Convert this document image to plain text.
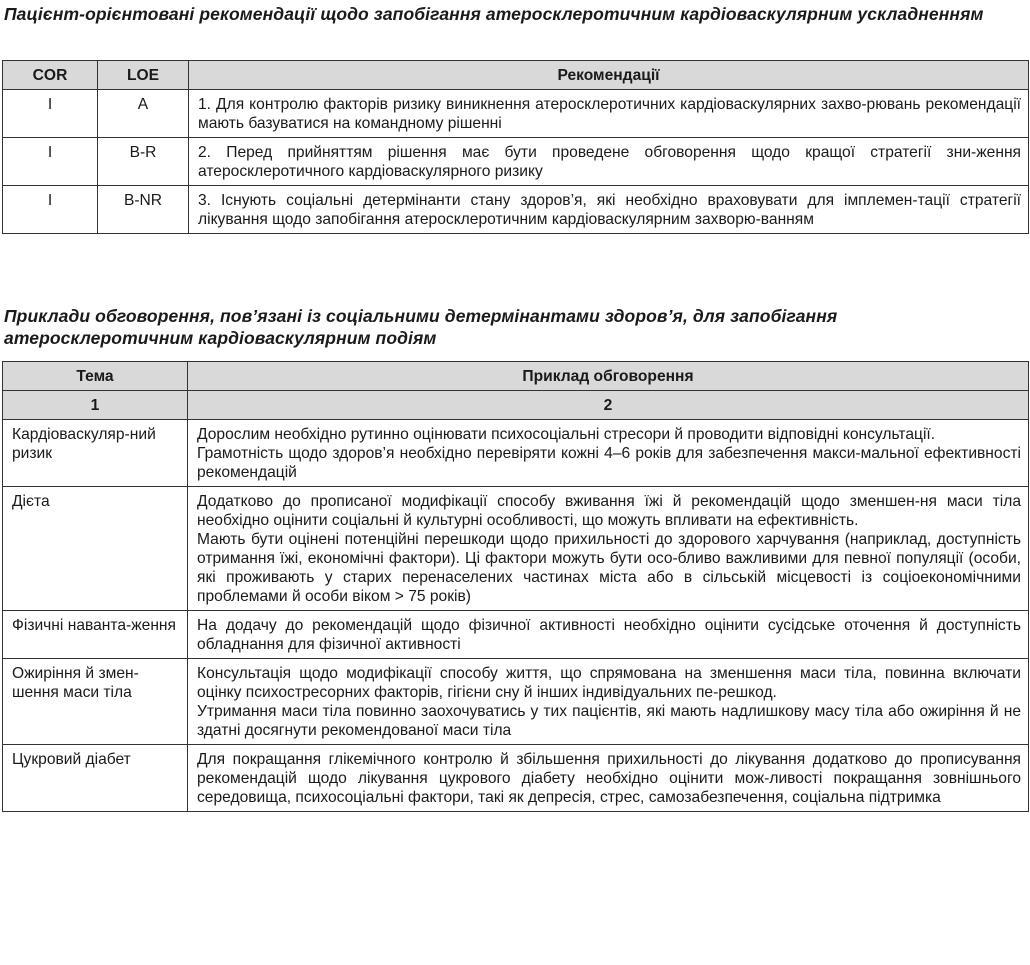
Пацієнт-орієнтовані рекомендації щодо запобігання атеросклеротичним кардіоваскулярним ускладненням
COR	LOE	Рекомендації
I	A	1. Для контролю факторів ризику виникнення атеросклеротичних кардіоваскулярних захво-рювань рекомендації мають базуватися на командному рішенні
I	B-R	2. Перед прийняттям рішення має бути проведене обговорення щодо кращої стратегії зни-ження атеросклеротичного кардіоваскулярного ризику
I	B-NR	3. Існують соціальні детермінанти стану здоров’я, які необхідно враховувати для імплемен-тації стратегії лікування щодо запобігання атеросклеротичним кардіоваскулярним захворю-ванням
Приклади обговорення, пов’язані із соціальними детермінантами здоров’я, для запобігання атеросклеротичним кардіоваскулярним подіям
Тема	Приклад обговорення
1	2
Кардіоваскуляр-ний ризик	Дорослим необхідно рутинно оцінювати психосоціальні стресори й проводити відповідні консультації.
Грамотність щодо здоров’я необхідно перевіряти кожні 4–6 років для забезпечення макси-мальної ефективності рекомендацій

Дієта	Додатково до прописаної модифікації способу вживання їжі й рекомендацій щодо зменшен-ня маси тіла необхідно оцінити соціальні й культурні особливості, що можуть впливати на ефективність.
Мають бути оцінені потенційні перешкоди щодо прихильності до здорового харчування (наприклад, доступність отримання їжі, економічні фактори). Ці фактори можуть бути осо-бливо важливими для певної популяції (особи, які проживають у старих перенаселених частинах міста або в сільській місцевості із соціоекономічними проблемами й особи віком > 75 років)

Фізичні наванта-ження	На додачу до рекомендацій щодо фізичної активності необхідно оцінити сусідське оточення й доступність обладнання для фізичної активності

Ожиріння й змен-шення маси тіла	Консультація щодо модифікації способу життя, що спрямована на зменшення маси тіла, повинна включати оцінку психостресорних факторів, гігієни сну й інших індивідуальних пе-решкод.
Утримання маси тіла повинно заохочуватись у тих пацієнтів, які мають надлишкову масу тіла або ожиріння й не здатні досягнути рекомендованої маси тіла

Цукровий діабет	Для покращання глікемічного контролю й збільшення прихильності до лікування додатково до прописування рекомендацій щодо лікування цукрового діабету необхідно оцінити мож-ливості покращання зовнішнього середовища, психосоціальні фактори, такі як депресія, стрес, самозабезпечення, соціальна підтримка
